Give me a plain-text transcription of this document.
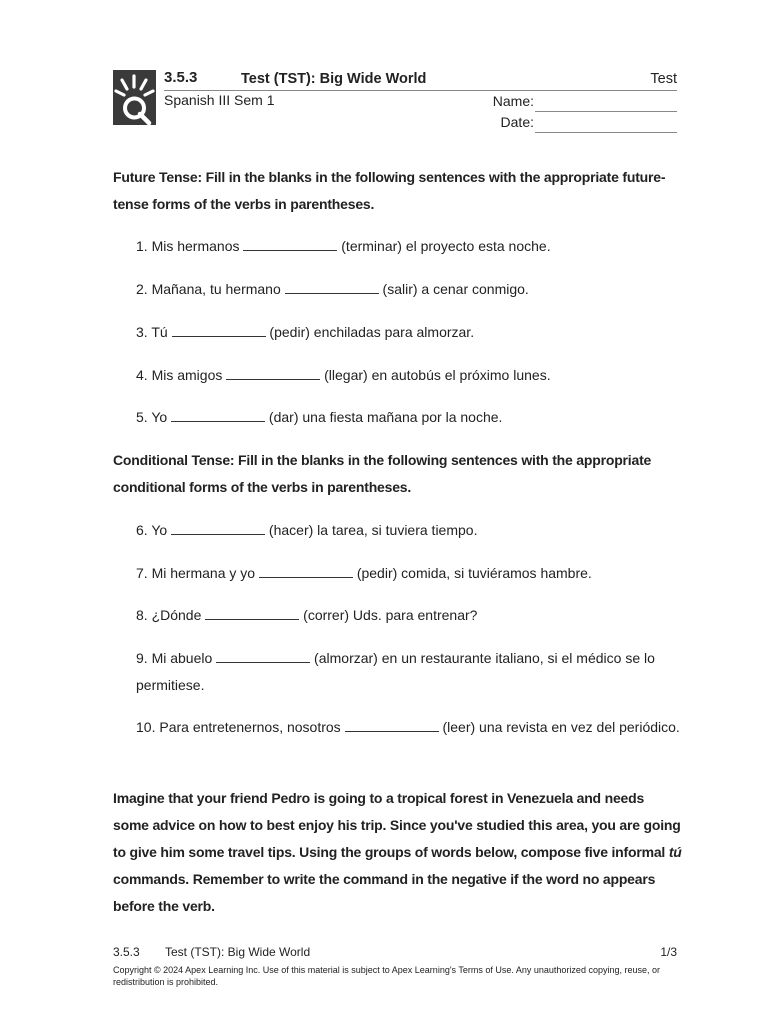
3.5.3	Test (TST): Big Wide World	Test
Spanish III Sem 1	Name:
Date:
Future Tense: Fill in the blanks in the following sentences with the appropriate future-tense forms of the verbs in parentheses.
1. Mis hermanos	(terminar) el proyecto esta noche.
2. Mañana, tu hermano	(salir) a cenar conmigo.
3. Tú	(pedir) enchiladas para almorzar.
4. Mis amigos	(llegar) en autobús el próximo lunes.
5. Yo	(dar) una fiesta mañana por la noche.
Conditional Tense: Fill in the blanks in the following sentences with the appropriate conditional forms of the verbs in parentheses.
6. Yo	(hacer) la tarea, si tuviera tiempo.
7. Mi hermana y yo	(pedir) comida, si tuviéramos hambre.
8. ¿Dónde	(correr) Uds. para entrenar?
9. Mi abuelo	(almorzar) en un restaurante italiano, si el médico se lo permitiese.
10. Para entretenernos, nosotros	(leer) una revista en vez del periódico.
Imagine that your friend Pedro is going to a tropical forest in Venezuela and needs some advice on how to best enjoy his trip. Since you've studied this area, you are going to give him some travel tips. Using the groups of words below, compose five informal tú commands. Remember to write the command in the negative if the word no appears before the verb.
3.5.3 Test (TST): Big Wide World	1/3
Copyright © 2024 Apex Learning Inc. Use of this material is subject to Apex Learning's Terms of Use. Any unauthorized copying, reuse, or redistribution is prohibited.
